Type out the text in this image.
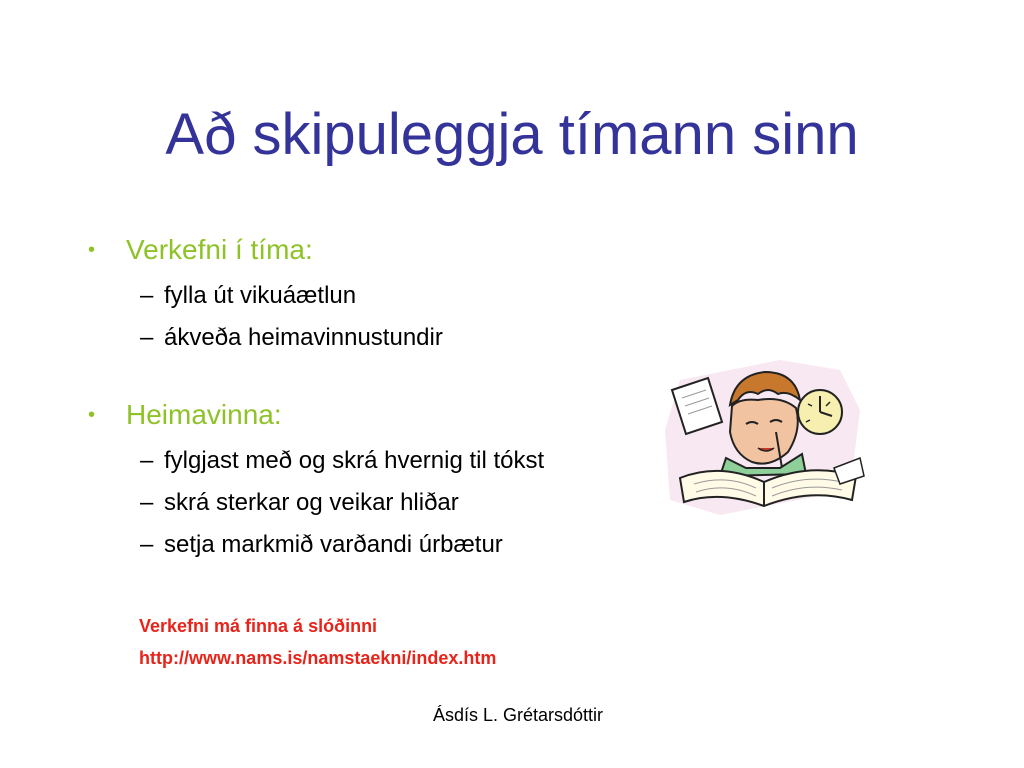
Að skipuleggja tímann sinn
•	Verkefni í tíma:
– fylla út vikuáætlun
– ákveða heimavinnustundir
•	Heimavinna:
– fylgjast með og skrá hvernig til tókst
– skrá sterkar og veikar hliðar
– setja markmið varðandi úrbætur
Verkefni má finna á slóðinni
http://www.nams.is/namstaekni/index.htm
Ásdís L. Grétarsdóttir
